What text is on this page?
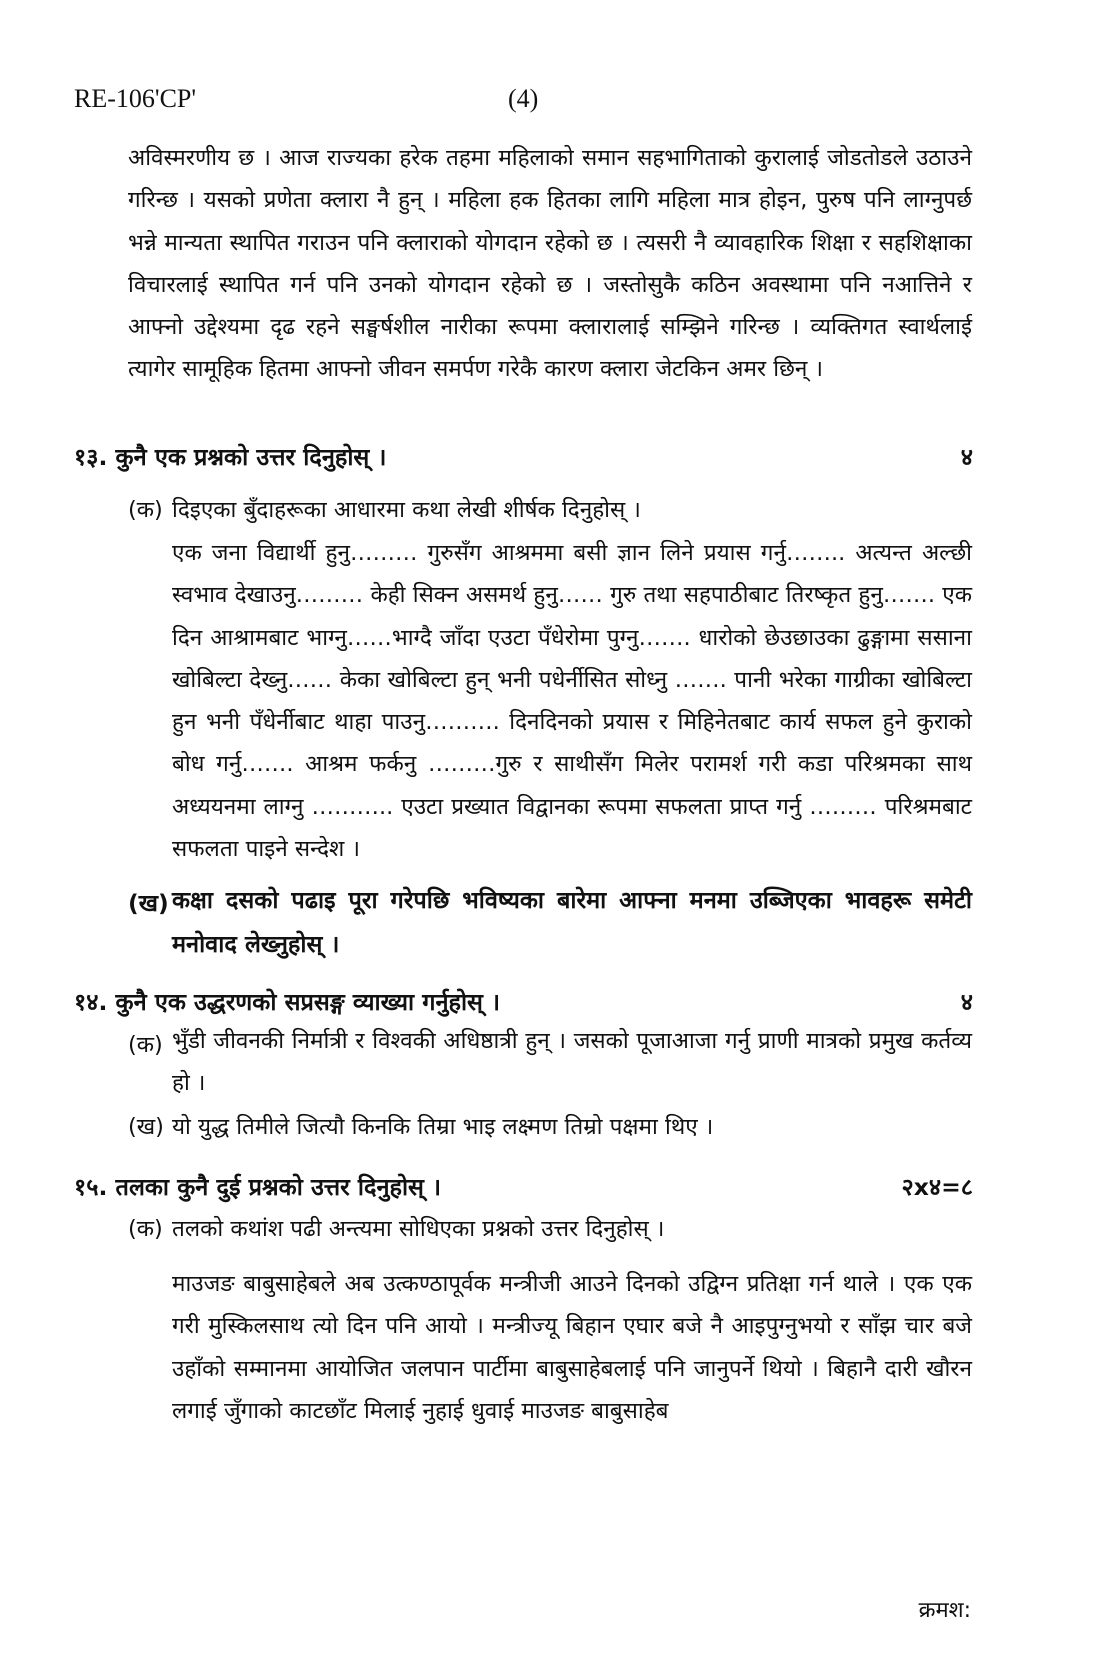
RE-106'CP'	(4)

अविस्मरणीय छ । आज राज्यका हरेक तहमा महिलाको समान सहभागिताको कुरालाई जोडतोडले उठाउने गरिन्छ । यसको प्रणेता क्लारा नै हुन् । महिला हक हितका लागि महिला मात्र होइन, पुरुष पनि लाग्नुपर्छ भन्ने मान्यता स्थापित गराउन पनि क्लाराको योगदान रहेको छ । त्यसरी नै व्यावहारिक शिक्षा र सहशिक्षाका विचारलाई स्थापित गर्न पनि उनको योगदान रहेको छ । जस्तोसुकै कठिन अवस्थामा पनि नआत्तिने र आफ्नो उद्देश्यमा दृढ रहने सङ्घर्षशील नारीका रूपमा क्लारालाई सम्झिने गरिन्छ । व्यक्तिगत स्वार्थलाई त्यागेर सामूहिक हितमा आफ्नो जीवन समर्पण गरेकै कारण क्लारा जेटकिन अमर छिन् ।

१३. कुनै एक प्रश्नको उत्तर दिनुहोस् ।	४
(क) दिइएका बुँदाहरूका आधारमा कथा लेखी शीर्षक दिनुहोस् ।

एक जना विद्यार्थी हुनु……… गुरुसँग आश्रममा बसी ज्ञान लिने प्रयास गर्नु…….. अत्यन्त अल्छी स्वभाव देखाउनु……… केही सिक्न असमर्थ हुनु…… गुरु तथा सहपाठीबाट तिरष्कृत हुनु……. एक दिन आश्रामबाट भाग्नु……भाग्दै जाँदा एउटा पँधेरोमा पुग्नु……. धारोको छेउछाउका ढुङ्गामा ससाना खोबिल्टा देख्नु…… केका खोबिल्टा हुन् भनी पधेर्नीसित सोध्नु ……. पानी भरेका गाग्रीका खोबिल्टा हुन भनी पँधेर्नीबाट थाहा पाउनु………. दिनदिनको प्रयास र मिहिनेतबाट कार्य सफल हुने कुराको बोध गर्नु……. आश्रम फर्कनु ………गुरु र साथीसँग मिलेर परामर्श गरी कडा परिश्रमका साथ अध्ययनमा लाग्नु ……….. एउटा प्रख्यात विद्वानका रूपमा सफलता प्राप्त गर्नु ……… परिश्रमबाट सफलता पाइने सन्देश ।

(ख) कक्षा दसको पढाइ पूरा गरेपछि भविष्यका बारेमा आफ्ना मनमा उब्जिएका भावहरू समेटी मनोवाद लेख्नुहोस् ।

१४. कुनै एक उद्धरणको सप्रसङ्ग व्याख्या गर्नुहोस् ।	४
(क) भुँडी जीवनकी निर्मात्री र विश्वकी अधिष्ठात्री हुन् । जसको पूजाआजा गर्नु प्राणी मात्रको प्रमुख कर्तव्य हो ।

(ख) यो युद्ध तिमीले जित्यौ किनकि तिम्रा भाइ लक्ष्मण तिम्रो पक्षमा थिए ।
१५. तलका कुनै दुई प्रश्नको उत्तर दिनुहोस् ।	२x४=८
(क) तलको कथांश पढी अन्त्यमा सोधिएका प्रश्नको उत्तर दिनुहोस् ।

माउजङ बाबुसाहेबले अब उत्कण्ठापूर्वक मन्त्रीजी आउने दिनको उद्विग्न प्रतिक्षा गर्न थाले । एक एक गरी मुस्किलसाथ त्यो दिन पनि आयो । मन्त्रीज्यू बिहान एघार बजे नै आइपुग्नुभयो र साँझ चार बजे उहाँको सम्मानमा आयोजित जलपान पार्टीमा बाबुसाहेबलाई पनि जानुपर्ने थियो । बिहानै दारी खौरन लगाई जुँगाको काटछाँट मिलाई नुहाई धुवाई माउजङ बाबुसाहेब

क्रमश:
